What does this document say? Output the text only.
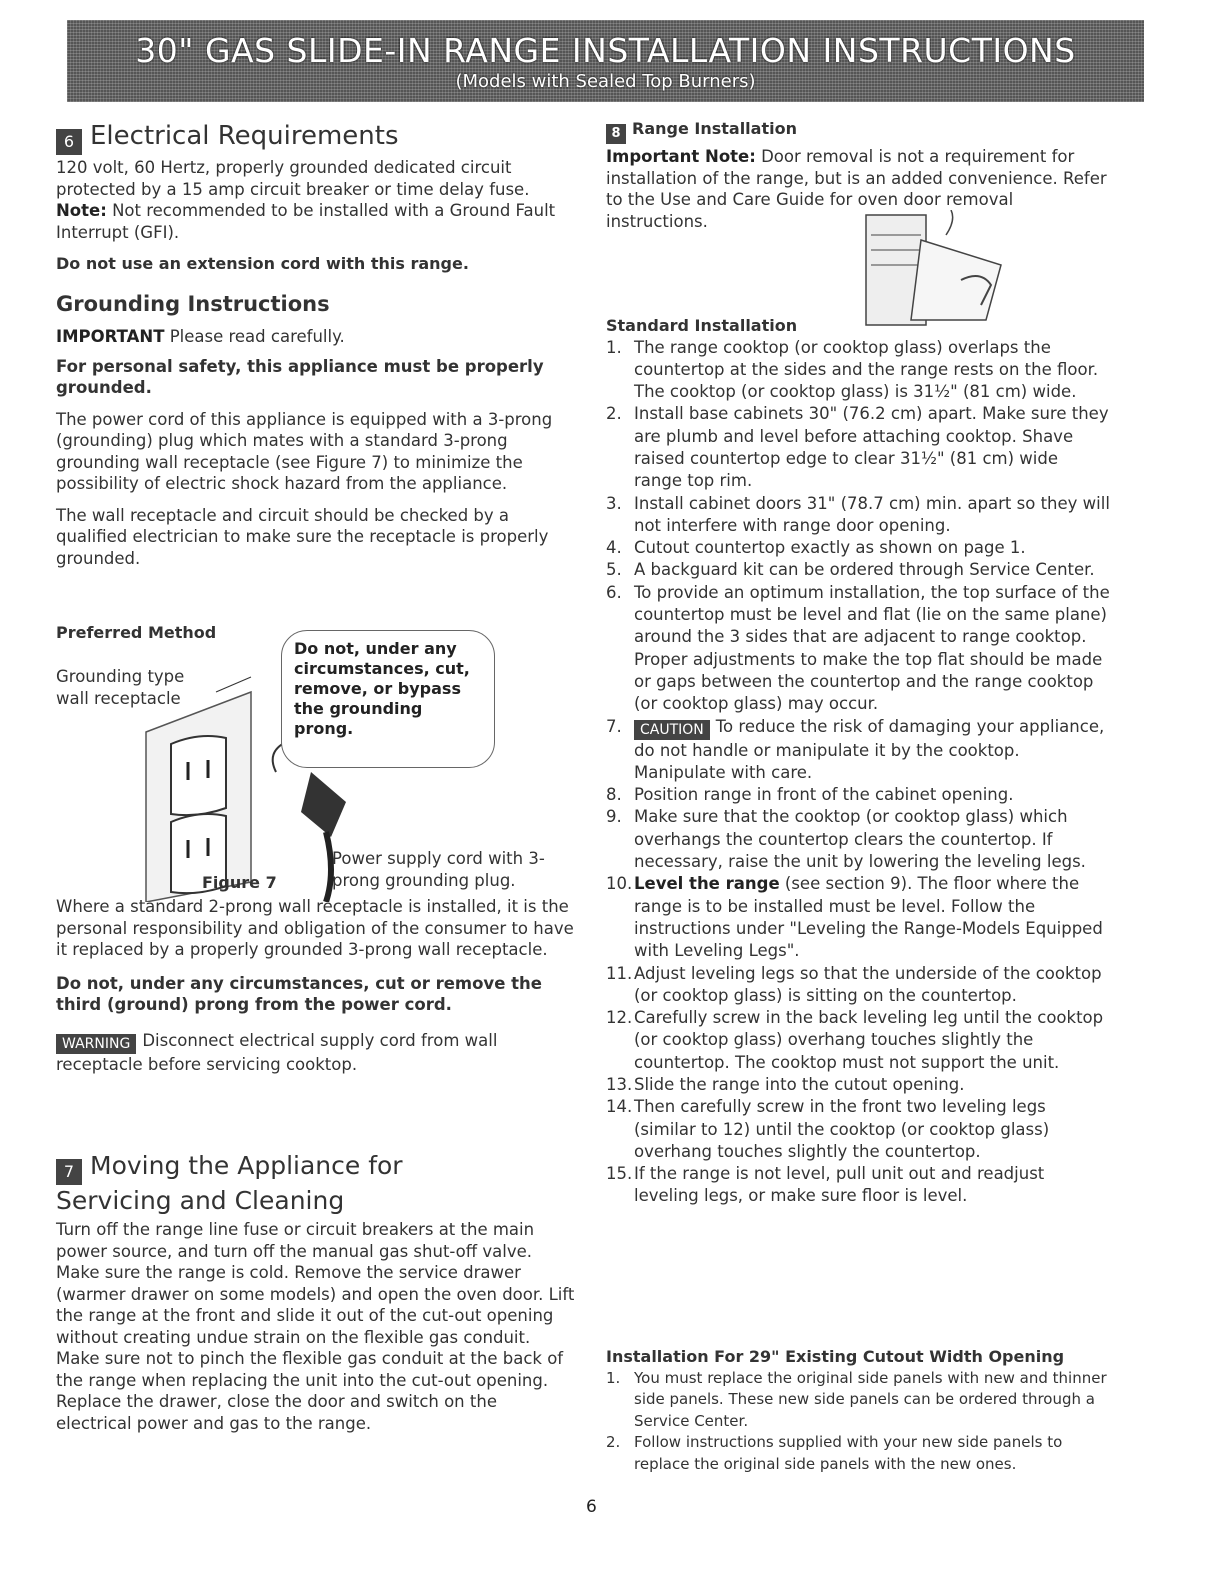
30" GAS SLIDE-IN RANGE INSTALLATION INSTRUCTIONS
(Models with Sealed Top Burners)
6 Electrical Requirements

120 volt, 60 Hertz, properly grounded dedicated circuit protected by a 15 amp circuit breaker or time delay fuse.

Note: Not recommended to be installed with a Ground Fault Interrupt (GFI).

Do not use an extension cord with this range.

Grounding Instructions

IMPORTANT Please read carefully.

For personal safety, this appliance must be properly grounded.

The power cord of this appliance is equipped with a 3-prong (grounding) plug which mates with a standard 3-prong grounding wall receptacle (see Figure 7) to minimize the possibility of electric shock hazard from the appliance.

The wall receptacle and circuit should be checked by a qualified electrician to make sure the receptacle is properly grounded.

Preferred Method
Grounding type wall receptacle
Do not, under any circumstances, cut, remove, or bypass the grounding prong.
Power supply cord with 3-prong grounding plug.
Figure 7

Where a standard 2-prong wall receptacle is installed, it is the personal responsibility and obligation of the consumer to have it replaced by a properly grounded 3-prong wall receptacle.

Do not, under any circumstances, cut or remove the third (ground) prong from the power cord.

WARNING Disconnect electrical supply cord from wall receptacle before servicing cooktop.

7 Moving the Appliance for
Servicing and Cleaning

Turn off the range line fuse or circuit breakers at the main power source, and turn off the manual gas shut-off valve. Make sure the range is cold. Remove the service drawer (warmer drawer on some models) and open the oven door. Lift the range at the front and slide it out of the cut-out opening without creating undue strain on the flexible gas conduit. Make sure not to pinch the flexible gas conduit at the back of the range when replacing the unit into the cut-out opening. Replace the drawer, close the door and switch on the electrical power and gas to the range.

8 Range Installation

Important Note: Door removal is not a requirement for installation of the range, but is an added convenience. Refer to the Use and Care Guide for oven door removal instructions.

Standard Installation
1. The range cooktop (or cooktop glass) overlaps the countertop at the sides and the range rests on the floor. The cooktop (or cooktop glass) is 31½" (81 cm) wide.
2. Install base cabinets 30" (76.2 cm) apart. Make sure they are plumb and level before attaching cooktop. Shave raised countertop edge to clear 31½" (81 cm) wide range top rim.
3. Install cabinet doors 31" (78.7 cm) min. apart so they will not interfere with range door opening.
4. Cutout countertop exactly as shown on page 1.
5. A backguard kit can be ordered through Service Center.
6. To provide an optimum installation, the top surface of the countertop must be level and flat (lie on the same plane) around the 3 sides that are adjacent to range cooktop. Proper adjustments to make the top flat should be made or gaps between the countertop and the range cooktop (or cooktop glass) may occur.
7. CAUTION To reduce the risk of damaging your appliance, do not handle or manipulate it by the cooktop. Manipulate with care.
8. Position range in front of the cabinet opening.
9. Make sure that the cooktop (or cooktop glass) which overhangs the countertop clears the countertop. If necessary, raise the unit by lowering the leveling legs.
10. Level the range (see section 9). The floor where the range is to be installed must be level. Follow the instructions under "Leveling the Range-Models Equipped with Leveling Legs".
11. Adjust leveling legs so that the underside of the cooktop (or cooktop glass) is sitting on the countertop.
12. Carefully screw in the back leveling leg until the cooktop (or cooktop glass) overhang touches slightly the countertop. The cooktop must not support the unit.
13. Slide the range into the cutout opening.
14. Then carefully screw in the front two leveling legs (similar to 12) until the cooktop (or cooktop glass) overhang touches slightly the countertop.
15. If the range is not level, pull unit out and readjust leveling legs, or make sure floor is level.
Installation For 29" Existing Cutout Width Opening
1. You must replace the original side panels with new and thinner side panels. These new side panels can be ordered through a Service Center.
2. Follow instructions supplied with your new side panels to replace the original side panels with the new ones.
6
